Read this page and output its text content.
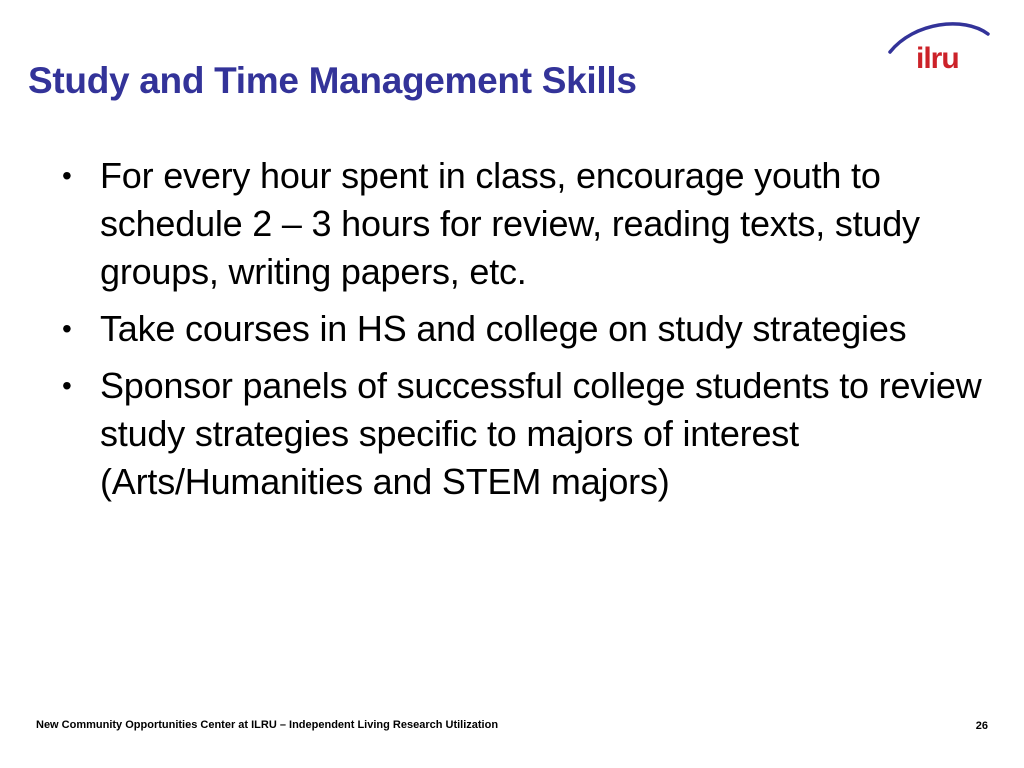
Study and Time Management Skills
ilru
• For every hour spent in class, encourage youth to schedule 2 – 3 hours for review, reading texts, study groups, writing papers, etc.
• Take courses in HS and college on study strategies
• Sponsor panels of successful college students to review study strategies specific to majors of interest (Arts/Humanities and STEM majors)
New Community Opportunities Center at ILRU – Independent Living Research Utilization	26
